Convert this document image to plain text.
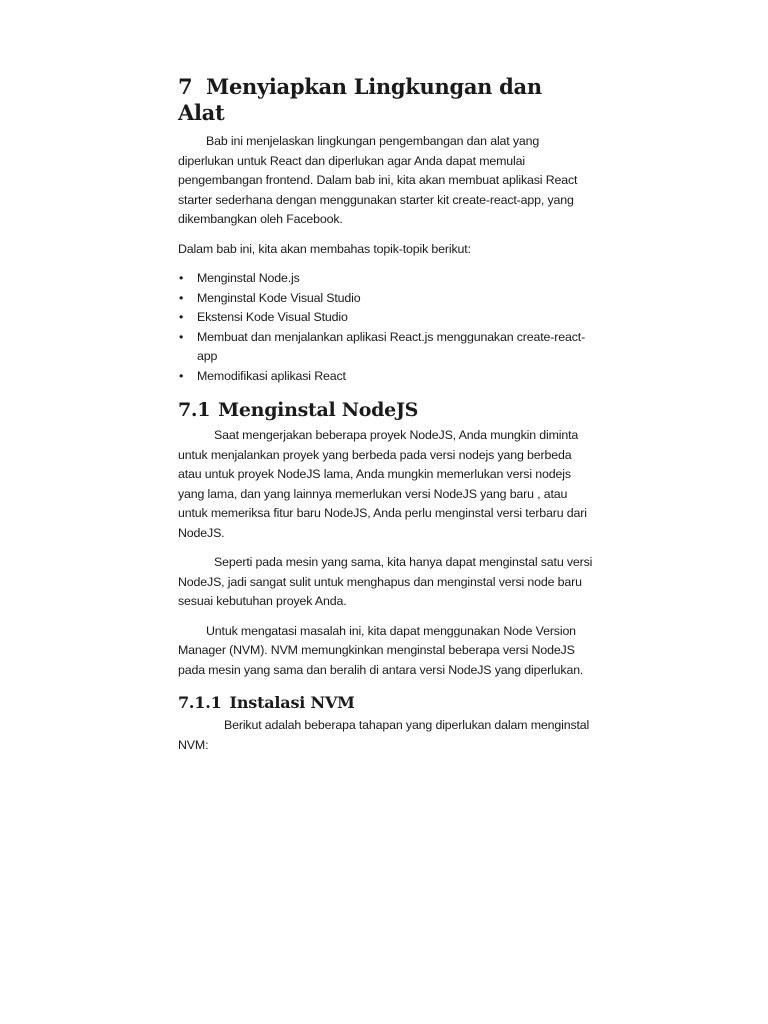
7 Menyiapkan Lingkungan dan Alat

Bab ini menjelaskan lingkungan pengembangan dan alat yang diperlukan untuk React dan diperlukan agar Anda dapat memulai pengembangan frontend. Dalam bab ini, kita akan membuat aplikasi React starter sederhana dengan menggunakan starter kit create-react-app, yang dikembangkan oleh Facebook.

Dalam bab ini, kita akan membahas topik-topik berikut:

• Menginstal Node.js
• Menginstal Kode Visual Studio
• Ekstensi Kode Visual Studio
• Membuat dan menjalankan aplikasi React.js menggunakan create-react-app
• Memodifikasi aplikasi React
7.1 Menginstal NodeJS

Saat mengerjakan beberapa proyek NodeJS, Anda mungkin diminta untuk menjalankan proyek yang berbeda pada versi nodejs yang berbeda atau untuk proyek NodeJS lama, Anda mungkin memerlukan versi nodejs yang lama, dan yang lainnya memerlukan versi NodeJS yang baru , atau untuk memeriksa fitur baru NodeJS, Anda perlu menginstal versi terbaru dari NodeJS.

Seperti pada mesin yang sama, kita hanya dapat menginstal satu versi NodeJS, jadi sangat sulit untuk menghapus dan menginstal versi node baru sesuai kebutuhan proyek Anda.

Untuk mengatasi masalah ini, kita dapat menggunakan Node Version Manager (NVM). NVM memungkinkan menginstal beberapa versi NodeJS pada mesin yang sama dan beralih di antara versi NodeJS yang diperlukan.

7.1.1 Instalasi NVM

Berikut adalah beberapa tahapan yang diperlukan dalam menginstal NVM:
